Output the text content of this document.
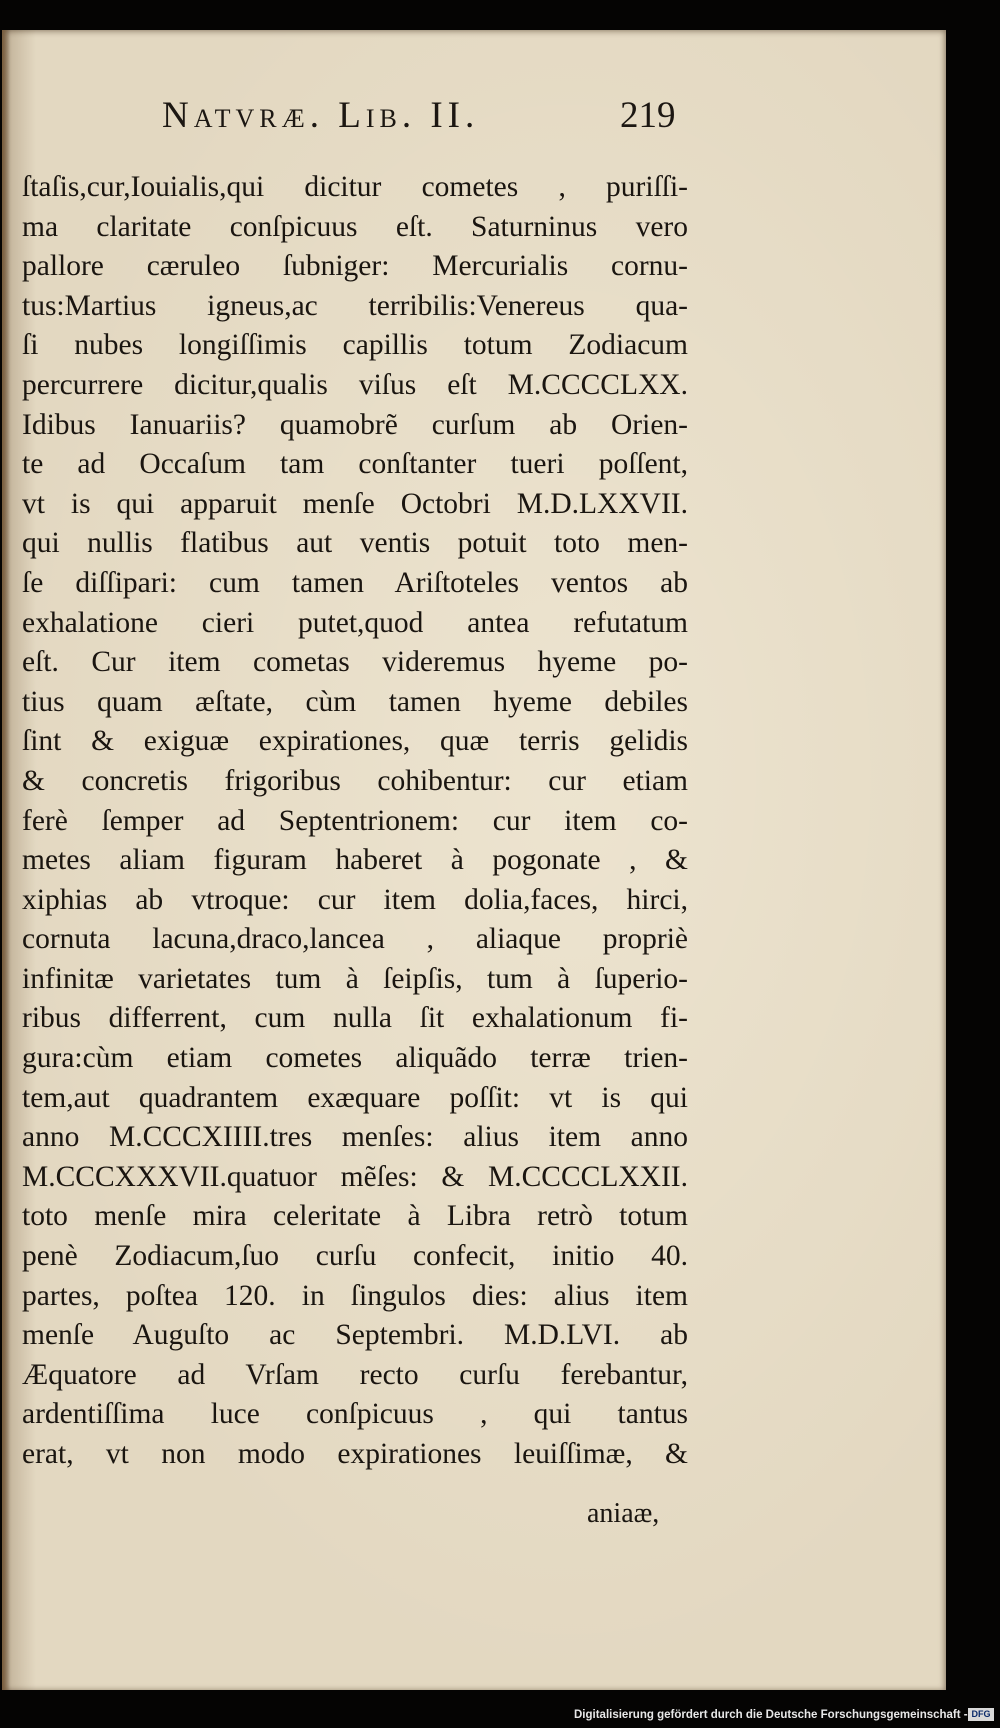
Natvræ. Lib. II.	219
ſtaſis,cur,Iouialis,qui dicitur cometes , puriſſi-
ma claritate conſpicuus eſt. Saturninus vero
pallore cæruleo ſubniger: Mercurialis cornu-
tus:Martius igneus,ac terribilis:Venereus qua-
ſi nubes longiſſimis capillis totum Zodiacum
percurrere dicitur,qualis viſus eſt M.CCCCLXX.
Idibus Ianuariis? quamobrẽ curſum ab Orien-
te ad Occaſum tam conſtanter tueri poſſent,
vt is qui apparuit menſe Octobri M.D.LXXVII.
qui nullis flatibus aut ventis potuit toto men-
ſe diſſipari: cum tamen Ariſtoteles ventos ab
exhalatione cieri putet,quod antea refutatum
eſt. Cur item cometas videremus hyeme po-
tius quam æſtate, cùm tamen hyeme debiles
ſint & exiguæ expirationes, quæ terris gelidis
& concretis frigoribus cohibentur: cur etiam
ferè ſemper ad Septentrionem: cur item co-
metes aliam figuram haberet à pogonate , &
xiphias ab vtroque: cur item dolia,faces, hirci,
cornuta lacuna,draco,lancea , aliaque propriè
infinitæ varietates tum à ſeipſis, tum à ſuperio-
ribus differrent, cum nulla ſit exhalationum fi-
gura:cùm etiam cometes aliquãdo terræ trien-
tem,aut quadrantem exæquare poſſit: vt is qui
anno M.CCCXIIII.tres menſes: alius item anno
M.CCCXXXVII.quatuor mẽſes: & M.CCCCLXXII.
toto menſe mira celeritate à Libra retrò totum
penè Zodiacum,ſuo curſu confecit, initio 40.
partes, poſtea 120. in ſingulos dies: alius item
menſe Auguſto ac Septembri. M.D.LVI. ab
Æquatore ad Vrſam recto curſu ferebantur,
ardentiſſima luce conſpicuus , qui tantus
erat, vt non modo expirationes leuiſſimæ, &
aniaæ,
Digitalisierung gefördert durch die Deutsche Forschungsgemeinschaft - DFG
